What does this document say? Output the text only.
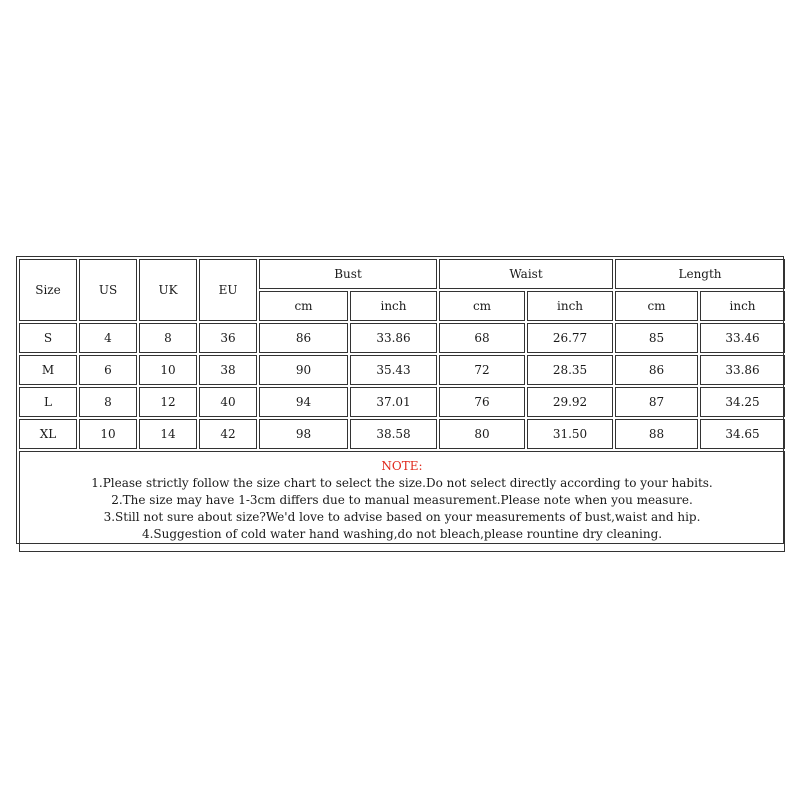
Size	US	UK	EU	Bust		Waist		Length	
				cm	inch	cm	inch	cm	inch
S	4	8	36	86	33.86	68	26.77	85	33.46
M	6	10	38	90	35.43	72	28.35	86	33.86
L	8	12	40	94	37.01	76	29.92	87	34.25
XL	10	14	42	98	38.58	80	31.50	88	34.65

NOTE:
1.Please strictly follow the size chart to select the size.Do not select directly according to your habits.
2.The size may have 1-3cm differs due to manual measurement.Please note when you measure.
3.Still not sure about size?We'd love to advise based on your measurements of bust,waist and hip.
4.Suggestion of cold water hand washing,do not bleach,please rountine dry cleaning.									
